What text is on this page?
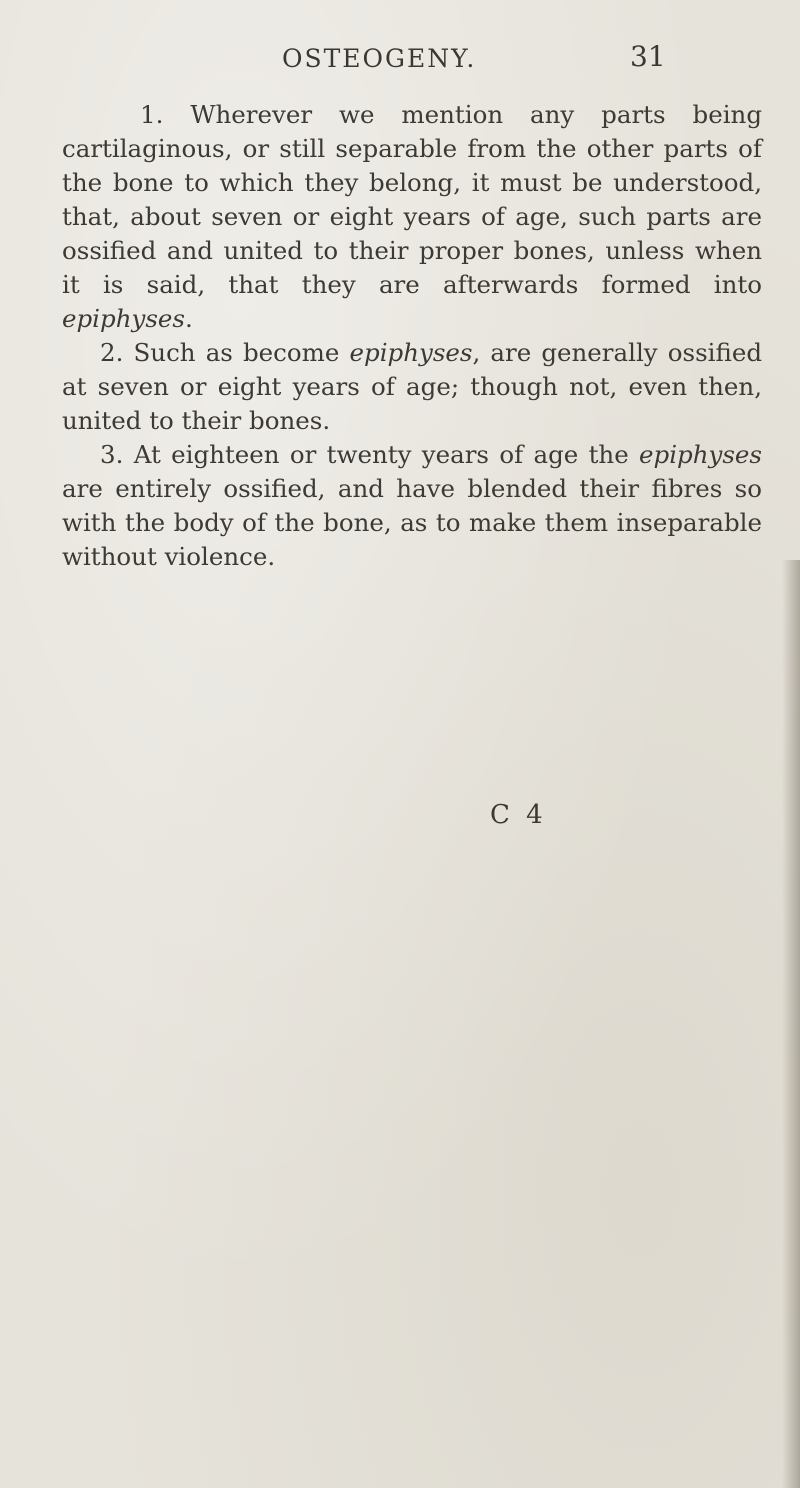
OSTEOGENY.	31

1. Wherever we mention any parts being cartilaginous, or still separable from the other parts of the bone to which they belong, it must be understood, that, about seven or eight years of age, such parts are ossified and united to their proper bones, unless when it is said, that they are afterwards formed into epiphyses.

2. Such as become epiphyses, are generally ossified at seven or eight years of age; though not, even then, united to their bones.

3. At eighteen or twenty years of age the epiphyses are entirely ossified, and have blended their fibres so with the body of the bone, as to make them inseparable without violence.

C 4
